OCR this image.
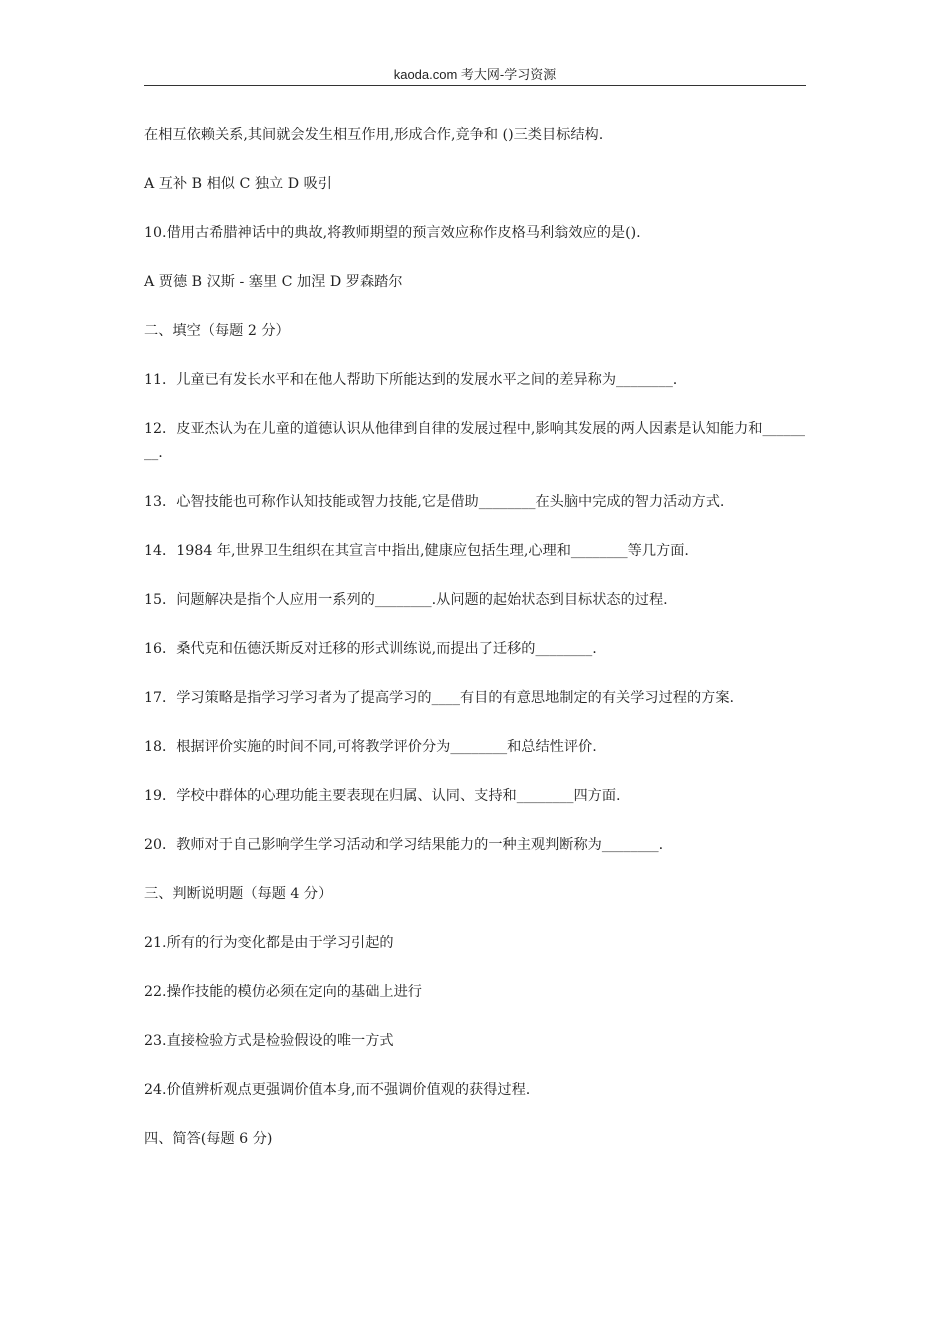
kaoda.com 考大网-学习资源

在相互依赖关系,其间就会发生相互作用,形成合作,竞争和 ()三类目标结构.

A 互补 B 相似 C 独立 D 吸引

10.借用古希腊神话中的典故,将教师期望的预言效应称作皮格马利翁效应的是().

A 贾德 B 汉斯 - 塞里 C 加涅 D 罗森踏尔

二、填空（每题 2 分）

11．儿童已有发长水平和在他人帮助下所能达到的发展水平之间的差异称为________.

12．皮亚杰认为在儿童的道德认识从他律到自律的发展过程中,影响其发展的两人因素是认知能力和________.

13．心智技能也可称作认知技能或智力技能,它是借助________在头脑中完成的智力活动方式.

14．1984 年,世界卫生组织在其宣言中指出,健康应包括生理,心理和________等几方面.

15．问题解决是指个人应用一系列的________.从问题的起始状态到目标状态的过程.

16．桑代克和伍德沃斯反对迁移的形式训练说,而提出了迁移的________.

17．学习策略是指学习学习者为了提高学习的____有目的有意思地制定的有关学习过程的方案.

18．根据评价实施的时间不同,可将教学评价分为________和总结性评价.

19．学校中群体的心理功能主要表现在归属、认同、支持和________四方面.

20．教师对于自己影响学生学习活动和学习结果能力的一种主观判断称为________.

三、判断说明题（每题 4 分）

21.所有的行为变化都是由于学习引起的

22.操作技能的模仿必须在定向的基础上进行

23.直接检验方式是检验假设的唯一方式

24.价值辨析观点更强调价值本身,而不强调价值观的获得过程.

四、简答(每题 6 分)
